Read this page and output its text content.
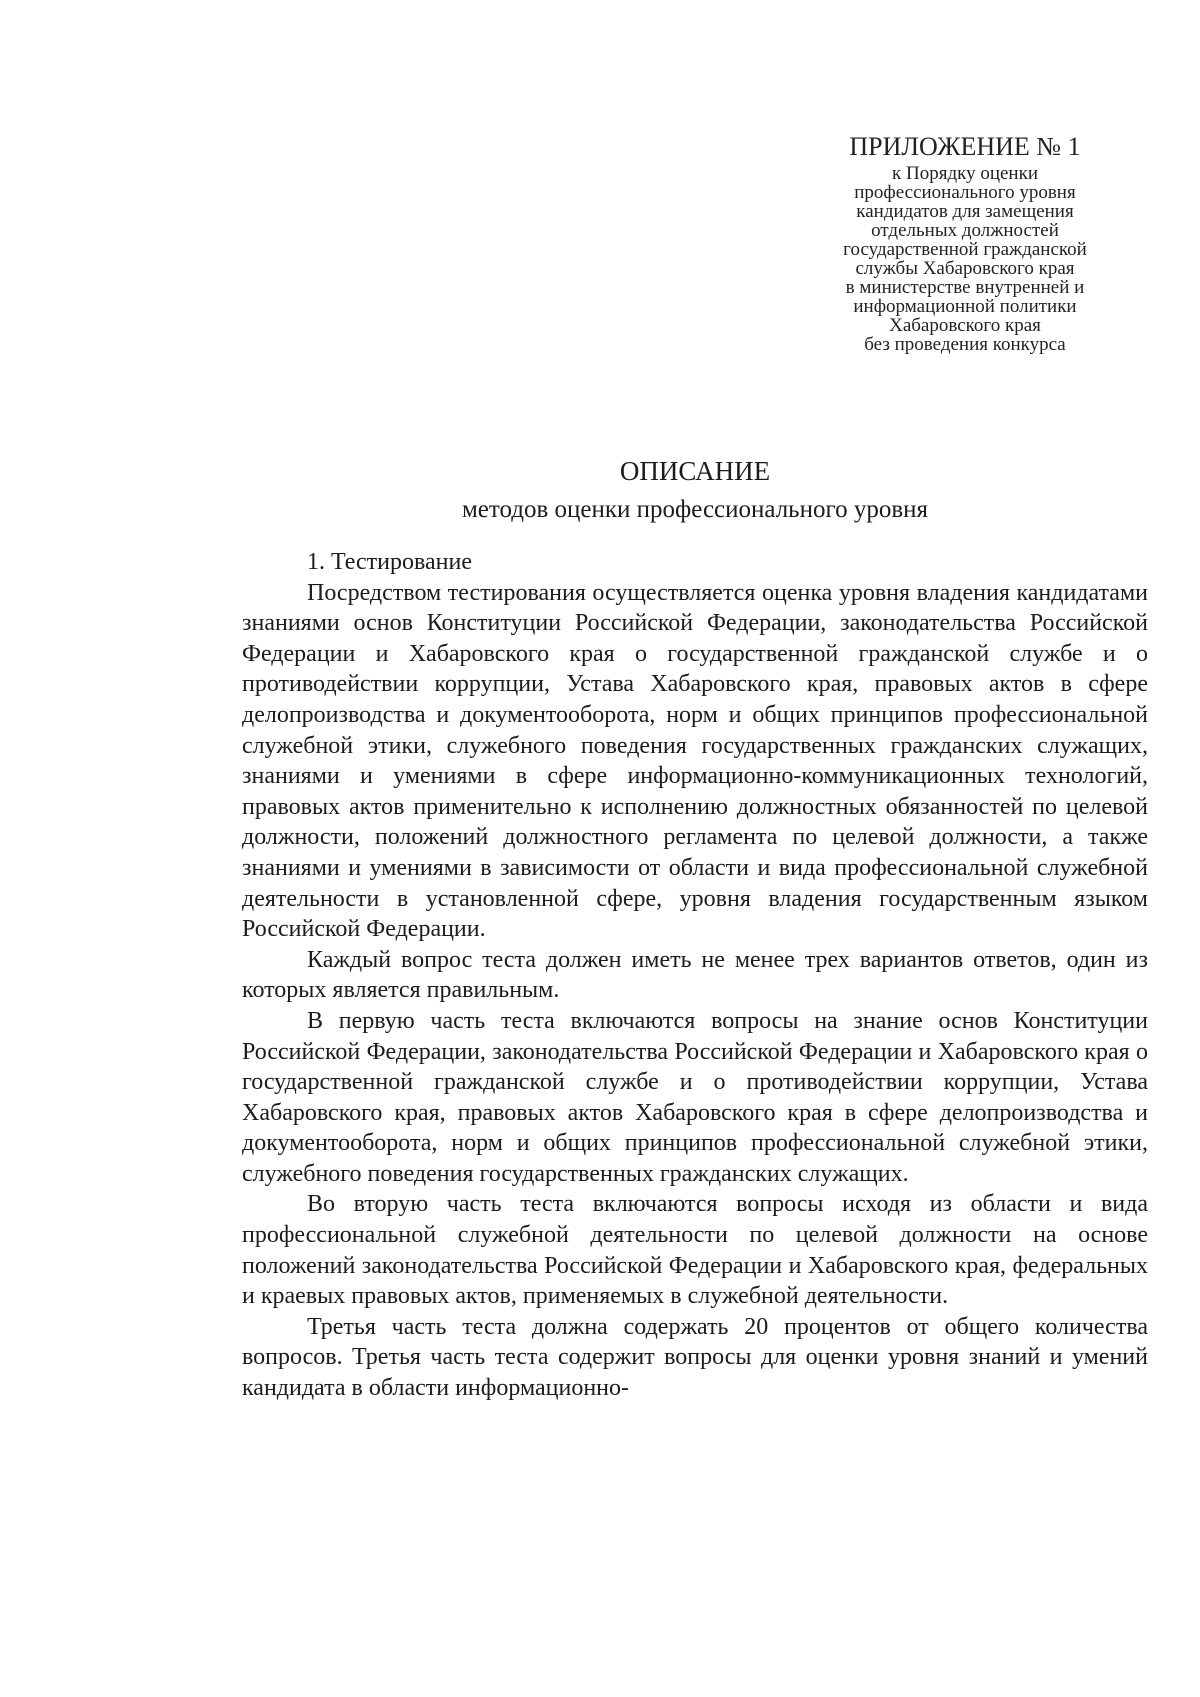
ПРИЛОЖЕНИЕ № 1
к Порядку оценки
профессионального уровня
кандидатов для замещения
отдельных должностей
государственной гражданской
службы Хабаровского края
в министерстве внутренней и
информационной политики
Хабаровского края
без проведения конкурса
ОПИСАНИЕ
методов оценки профессионального уровня

1. Тестирование

Посредством тестирования осуществляется оценка уровня владения кандидатами знаниями основ Конституции Российской Федерации, законодательства Российской Федерации и Хабаровского края о государственной гражданской службе и о противодействии коррупции, Устава Хабаровского края, правовых актов в сфере делопроизводства и документооборота, норм и общих принципов профессиональной служебной этики, служебного поведения государственных гражданских служащих, знаниями и умениями в сфере информационно-коммуникационных технологий, правовых актов применительно к исполнению должностных обязанностей по целевой должности, положений должностного регламента по целевой должности, а также знаниями и умениями в зависимости от области и вида профессиональной служебной деятельности в установленной сфере, уровня владения государственным языком Российской Федерации.

Каждый вопрос теста должен иметь не менее трех вариантов ответов, один из которых является правильным.

В первую часть теста включаются вопросы на знание основ Конституции Российской Федерации, законодательства Российской Федерации и Хабаровского края о государственной гражданской службе и о противодействии коррупции, Устава Хабаровского края, правовых актов Хабаровского края в сфере делопроизводства и документооборота, норм и общих принципов профессиональной служебной этики, служебного поведения государственных гражданских служащих.

Во вторую часть теста включаются вопросы исходя из области и вида профессиональной служебной деятельности по целевой должности на основе положений законодательства Российской Федерации и Хабаровского края, федеральных и краевых правовых актов, применяемых в служебной деятельности.

Третья часть теста должна содержать 20 процентов от общего количества вопросов. Третья часть теста содержит вопросы для оценки уровня знаний и умений кандидата в области информационно-
